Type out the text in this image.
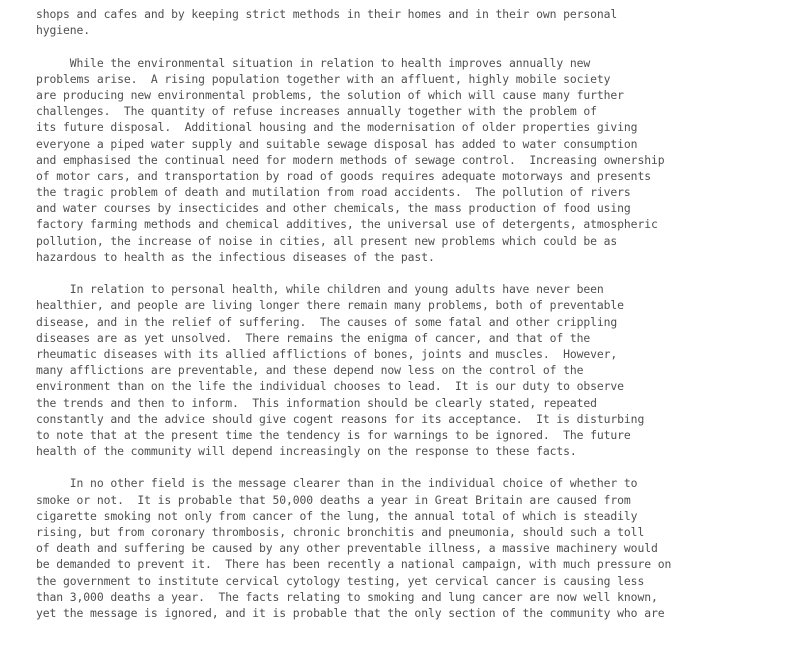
shops and cafes and by keeping strict methods in their homes and in their own personal
hygiene.
While the environmental situation in relation to health improves annually new
problems arise.  A rising population together with an affluent, highly mobile society
are producing new environmental problems, the solution of which will cause many further
challenges.  The quantity of refuse increases annually together with the problem of
its future disposal.  Additional housing and the modernisation of older properties giving
everyone a piped water supply and suitable sewage disposal has added to water consumption
and emphasised the continual need for modern methods of sewage control.  Increasing ownership
of motor cars, and transportation by road of goods requires adequate motorways and presents
the tragic problem of death and mutilation from road accidents.  The pollution of rivers
and water courses by insecticides and other chemicals, the mass production of food using
factory farming methods and chemical additives, the universal use of detergents, atmospheric
pollution, the increase of noise in cities, all present new problems which could be as
hazardous to health as the infectious diseases of the past.
In relation to personal health, while children and young adults have never been
healthier, and people are living longer there remain many problems, both of preventable
disease, and in the relief of suffering.  The causes of some fatal and other crippling
diseases are as yet unsolved.  There remains the enigma of cancer, and that of the
rheumatic diseases with its allied afflictions of bones, joints and muscles.  However,
many afflictions are preventable, and these depend now less on the control of the
environment than on the life the individual chooses to lead.  It is our duty to observe
the trends and then to inform.  This information should be clearly stated, repeated
constantly and the advice should give cogent reasons for its acceptance.  It is disturbing
to note that at the present time the tendency is for warnings to be ignored.  The future
health of the community will depend increasingly on the response to these facts.
In no other field is the message clearer than in the individual choice of whether to
smoke or not.  It is probable that 50,000 deaths a year in Great Britain are caused from
cigarette smoking not only from cancer of the lung, the annual total of which is steadily
rising, but from coronary thrombosis, chronic bronchitis and pneumonia, should such a toll
of death and suffering be caused by any other preventable illness, a massive machinery would
be demanded to prevent it.  There has been recently a national campaign, with much pressure on
the government to institute cervical cytology testing, yet cervical cancer is causing less
than 3,000 deaths a year.  The facts relating to smoking and lung cancer are now well known,
yet the message is ignored, and it is probable that the only section of the community who are
